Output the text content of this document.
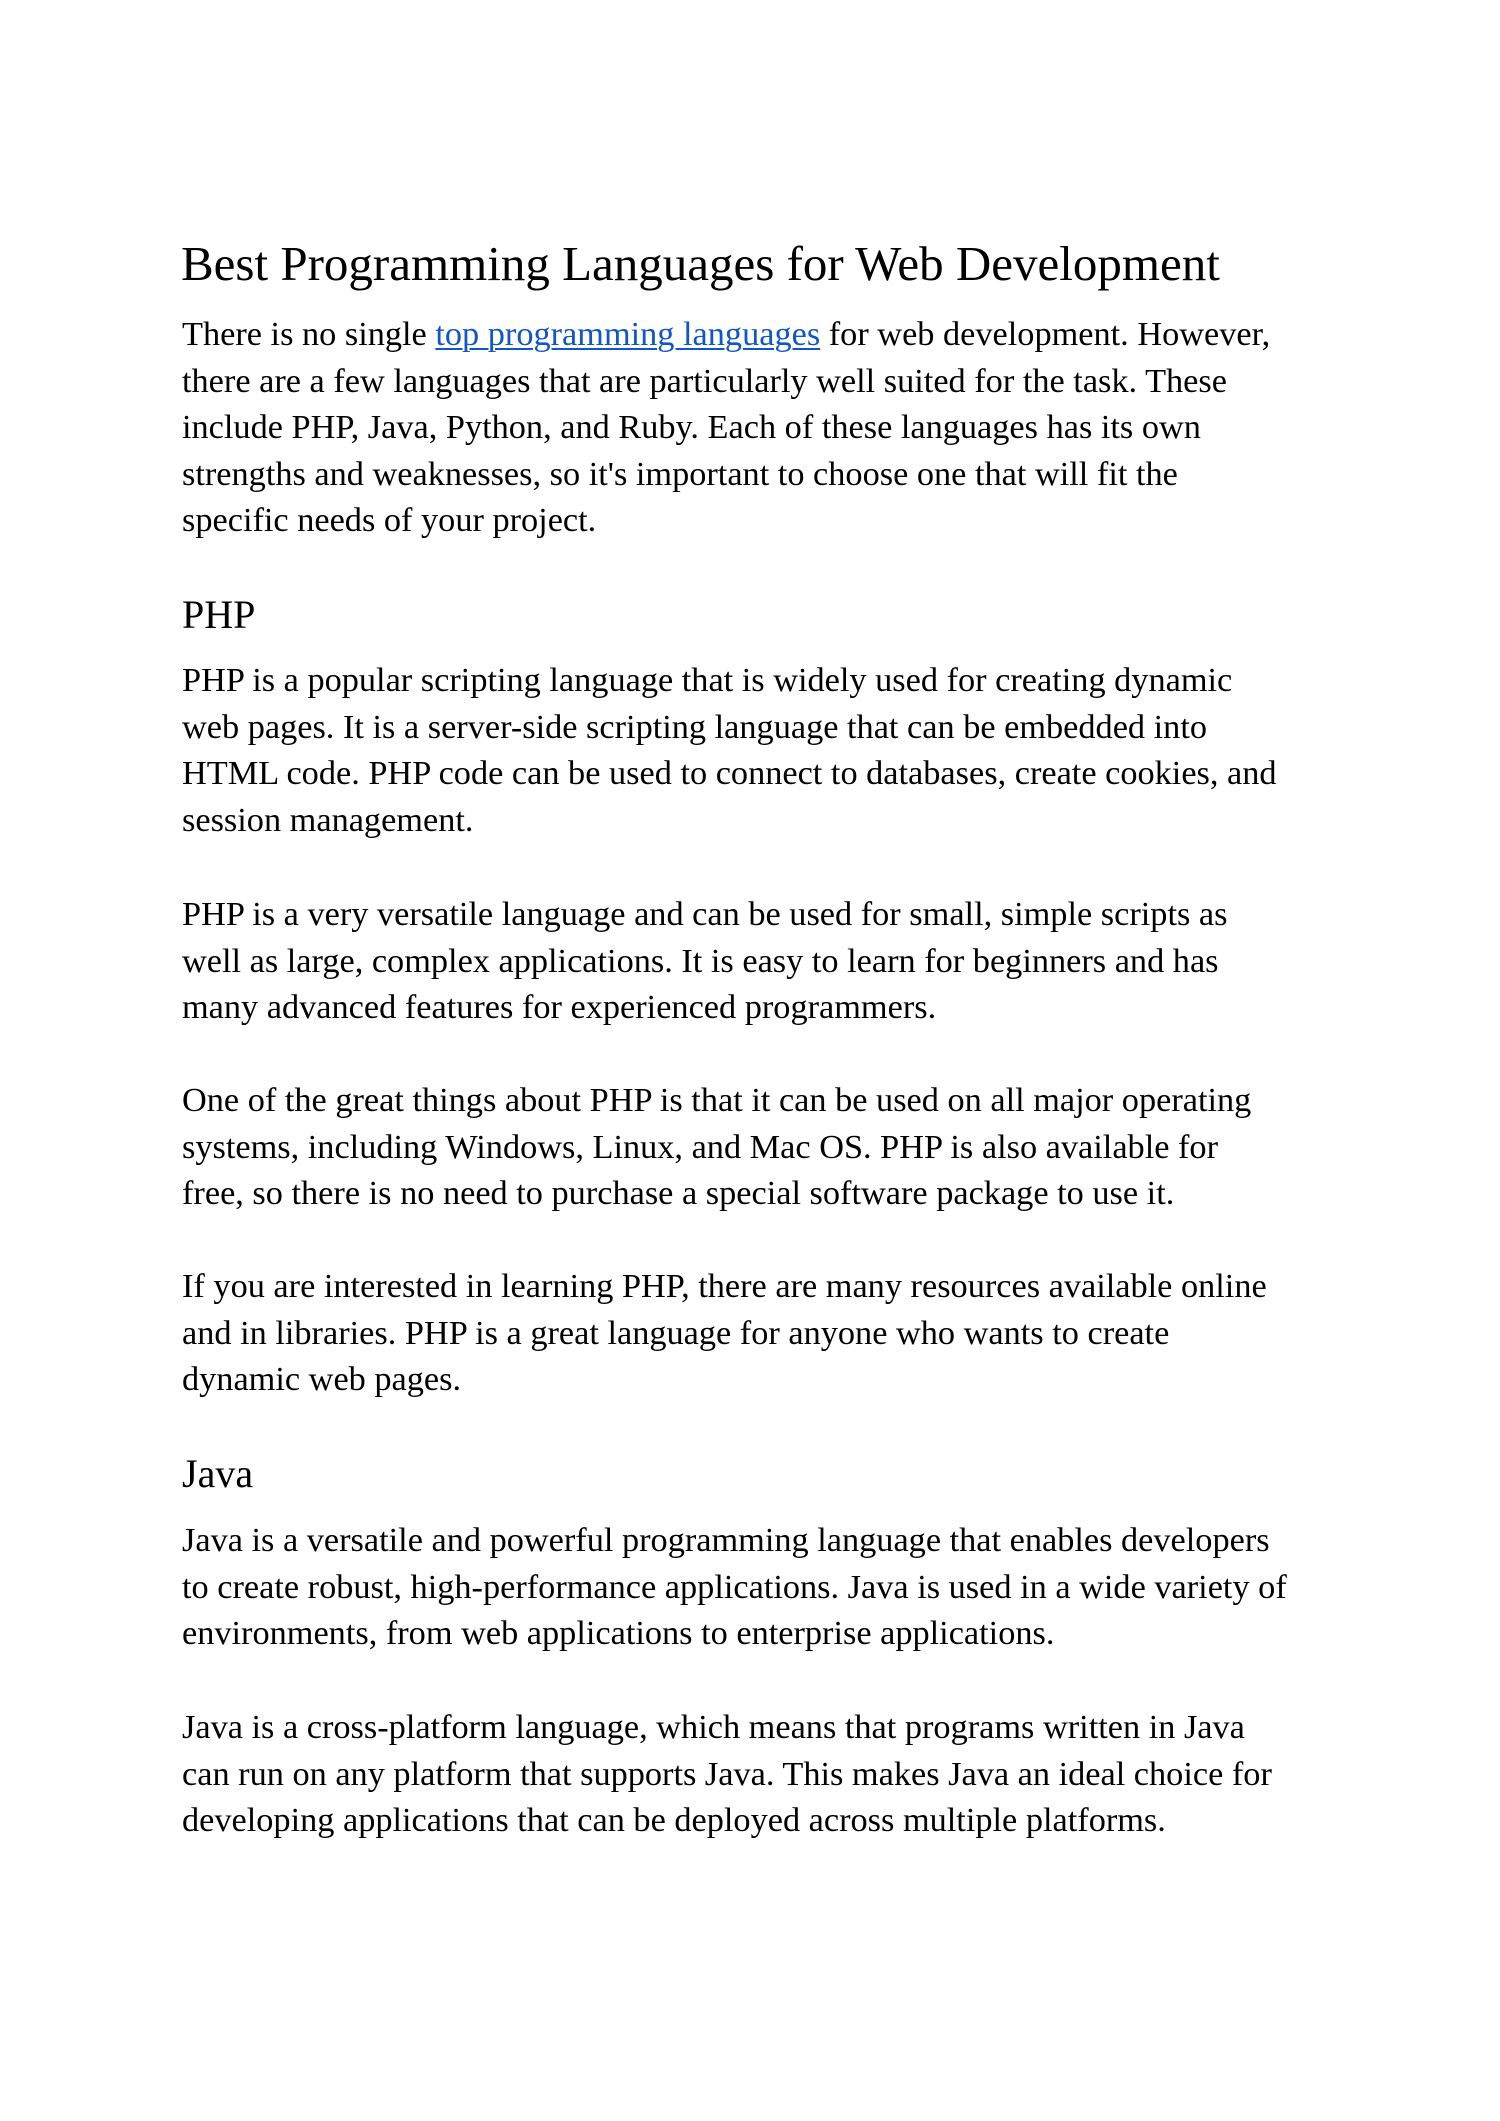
Best Programming Languages for Web Development

There is no single top programming languages for web development. However,
there are a few languages that are particularly well suited for the task. These
include PHP, Java, Python, and Ruby. Each of these languages has its own
strengths and weaknesses, so it's important to choose one that will fit the
specific needs of your project.

PHP

PHP is a popular scripting language that is widely used for creating dynamic
web pages. It is a server-side scripting language that can be embedded into
HTML code. PHP code can be used to connect to databases, create cookies, and
session management.

PHP is a very versatile language and can be used for small, simple scripts as
well as large, complex applications. It is easy to learn for beginners and has
many advanced features for experienced programmers.

One of the great things about PHP is that it can be used on all major operating
systems, including Windows, Linux, and Mac OS. PHP is also available for
free, so there is no need to purchase a special software package to use it.

If you are interested in learning PHP, there are many resources available online
and in libraries. PHP is a great language for anyone who wants to create
dynamic web pages.

Java

Java is a versatile and powerful programming language that enables developers
to create robust, high-performance applications. Java is used in a wide variety of
environments, from web applications to enterprise applications.

Java is a cross-platform language, which means that programs written in Java
can run on any platform that supports Java. This makes Java an ideal choice for
developing applications that can be deployed across multiple platforms.
